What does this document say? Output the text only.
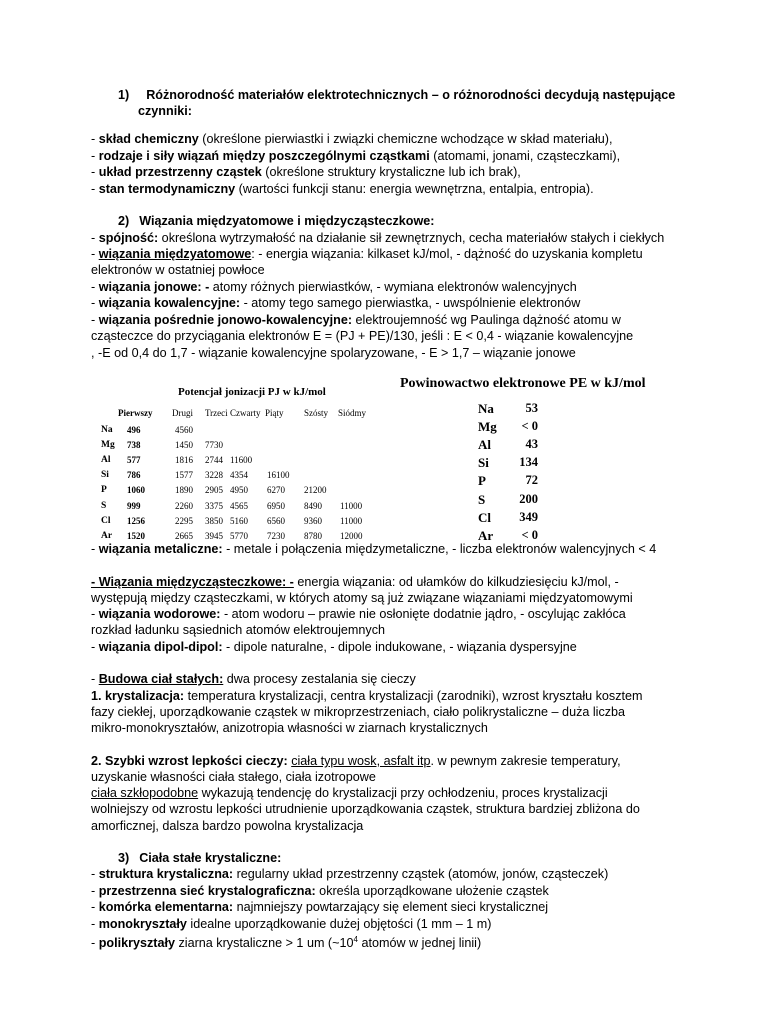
1) Różnorodność materiałów elektrotechnicznych – o różnorodności decydują następujące
czynniki:
- skład chemiczny (określone pierwiastki i związki chemiczne wchodzące w skład materiału),
- rodzaje i siły wiązań między poszczególnymi cząstkami (atomami, jonami, cząsteczkami),
- układ przestrzenny cząstek (określone struktury krystaliczne lub ich brak),
- stan termodynamiczny (wartości funkcji stanu: energia wewnętrzna, entalpia, entropia).
2) Wiązania międzyatomowe i międzycząsteczkowe:
- spójność: określona wytrzymałość na działanie sił zewnętrznych, cecha materiałów stałych i ciekłych
- wiązania międzyatomowe: - energia wiązania: kilkaset kJ/mol, - dążność do uzyskania kompletu
elektronów w ostatniej powłoce
- wiązania jonowe: - atomy różnych pierwiastków, - wymiana elektronów walencyjnych
- wiązania kowalencyjne: - atomy tego samego pierwiastka, - uwspólnienie elektronów
- wiązania pośrednie jonowo-kowalencyjne: elektroujemność wg Paulinga dążność atomu w
cząsteczce do przyciągania elektronów E = (PJ + PE)/130, jeśli : E < 0,4 - wiązanie kowalencyjne
, -E od 0,4 do 1,7 - wiązanie kowalencyjne spolaryzowane, - E > 1,7 – wiązanie jonowe
Potencjał jonizacji PJ w kJ/mol
Pierwszy Drugi Trzeci Czwarty Piąty Szósty Siódmy
Na 496	4560
Mg 738	1450 7730
Al 577	1816 2744 11600
Si 786	1577 3228 4354 16100
P 1060	1890 2905 4950 6270 21200
S 999	2260 3375 4565 6950 8490 11000
Cl 1256	2295 3850 5160 6560 9360 11000
Ar 1520	2665 3945 5770 7230 8780 12000
Powinowactwo elektronowe PE w kJ/mol
Na	53
Mg	< 0
Al	43
Si	134
P	72
S	200
Cl	349
Ar	< 0
- wiązania metaliczne: - metale i połączenia międzymetaliczne, - liczba elektronów walencyjnych < 4
- Wiązania międzycząsteczkowe: - energia wiązania: od ułamków do kilkudziesięciu kJ/mol, -
występują między cząsteczkami, w których atomy są już związane wiązaniami międzyatomowymi
- wiązania wodorowe: - atom wodoru – prawie nie osłonięte dodatnie jądro, - oscylując zakłóca
rozkład ładunku sąsiednich atomów elektroujemnych
- wiązania dipol-dipol: - dipole naturalne, - dipole indukowane, - wiązania dyspersyjne
- Budowa ciał stałych: dwa procesy zestalania się cieczy
1. krystalizacja: temperatura krystalizacji, centra krystalizacji (zarodniki), wzrost kryształu kosztem
fazy ciekłej, uporządkowanie cząstek w mikroprzestrzeniach, ciało polikrystaliczne – duża liczba
mikro-monokryształów, anizotropia własności w ziarnach krystalicznych
2. Szybki wzrost lepkości cieczy: ciała typu wosk, asfalt itp. w pewnym zakresie temperatury,
uzyskanie własności ciała stałego, ciała izotropowe
ciała szkłopodobne wykazują tendencję do krystalizacji przy ochłodzeniu, proces krystalizacji
wolniejszy od wzrostu lepkości utrudnienie uporządkowania cząstek, struktura bardziej zbliżona do
amorficznej, dalsza bardzo powolna krystalizacja
3) Ciała stałe krystaliczne:
- struktura krystaliczna: regularny układ przestrzenny cząstek (atomów, jonów, cząsteczek)
- przestrzenna sieć krystalograficzna: określa uporządkowane ułożenie cząstek
- komórka elementarna: najmniejszy powtarzający się element sieci krystalicznej
- monokryształy idealne uporządkowanie dużej objętości (1 mm – 1 m)
- polikryształy ziarna krystaliczne > 1 um ($\sim 10^4$ atomów w jednej linii)
